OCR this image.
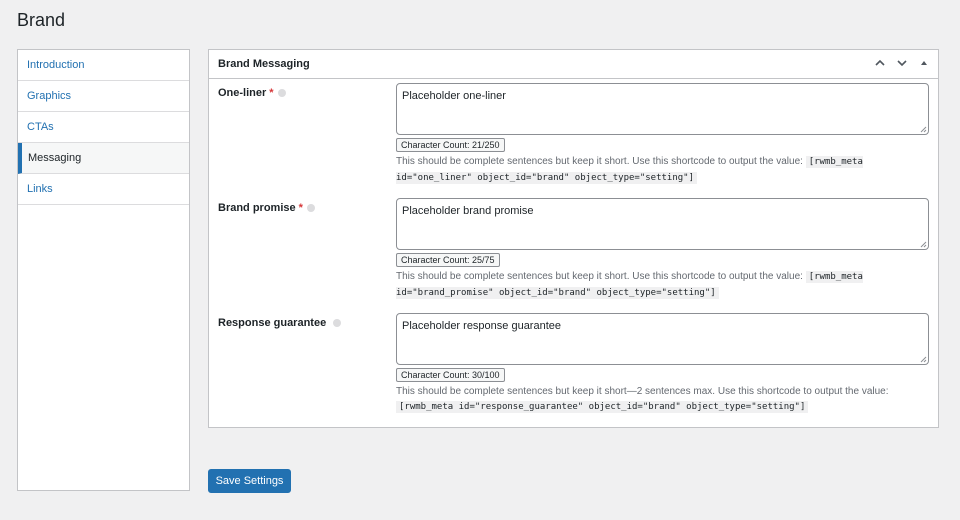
Brand
Introduction
Graphics
CTAs
Messaging
Links
Brand Messaging
One-liner *	Placeholder one-liner
Character Count: 21/250
This should be complete sentences but keep it short. Use this shortcode to output the value: [rwmb_meta id="one_liner" object_id="brand" object_type="setting"]
Brand promise *	Placeholder brand promise
Character Count: 25/75
This should be complete sentences but keep it short. Use this shortcode to output the value: [rwmb_meta id="brand_promise" object_id="brand" object_type="setting"]
Response guarantee	Placeholder response guarantee
Character Count: 30/100
This should be complete sentences but keep it short—2 sentences max. Use this shortcode to output the value: [rwmb_meta id="response_guarantee" object_id="brand" object_type="setting"]
Save Settings
